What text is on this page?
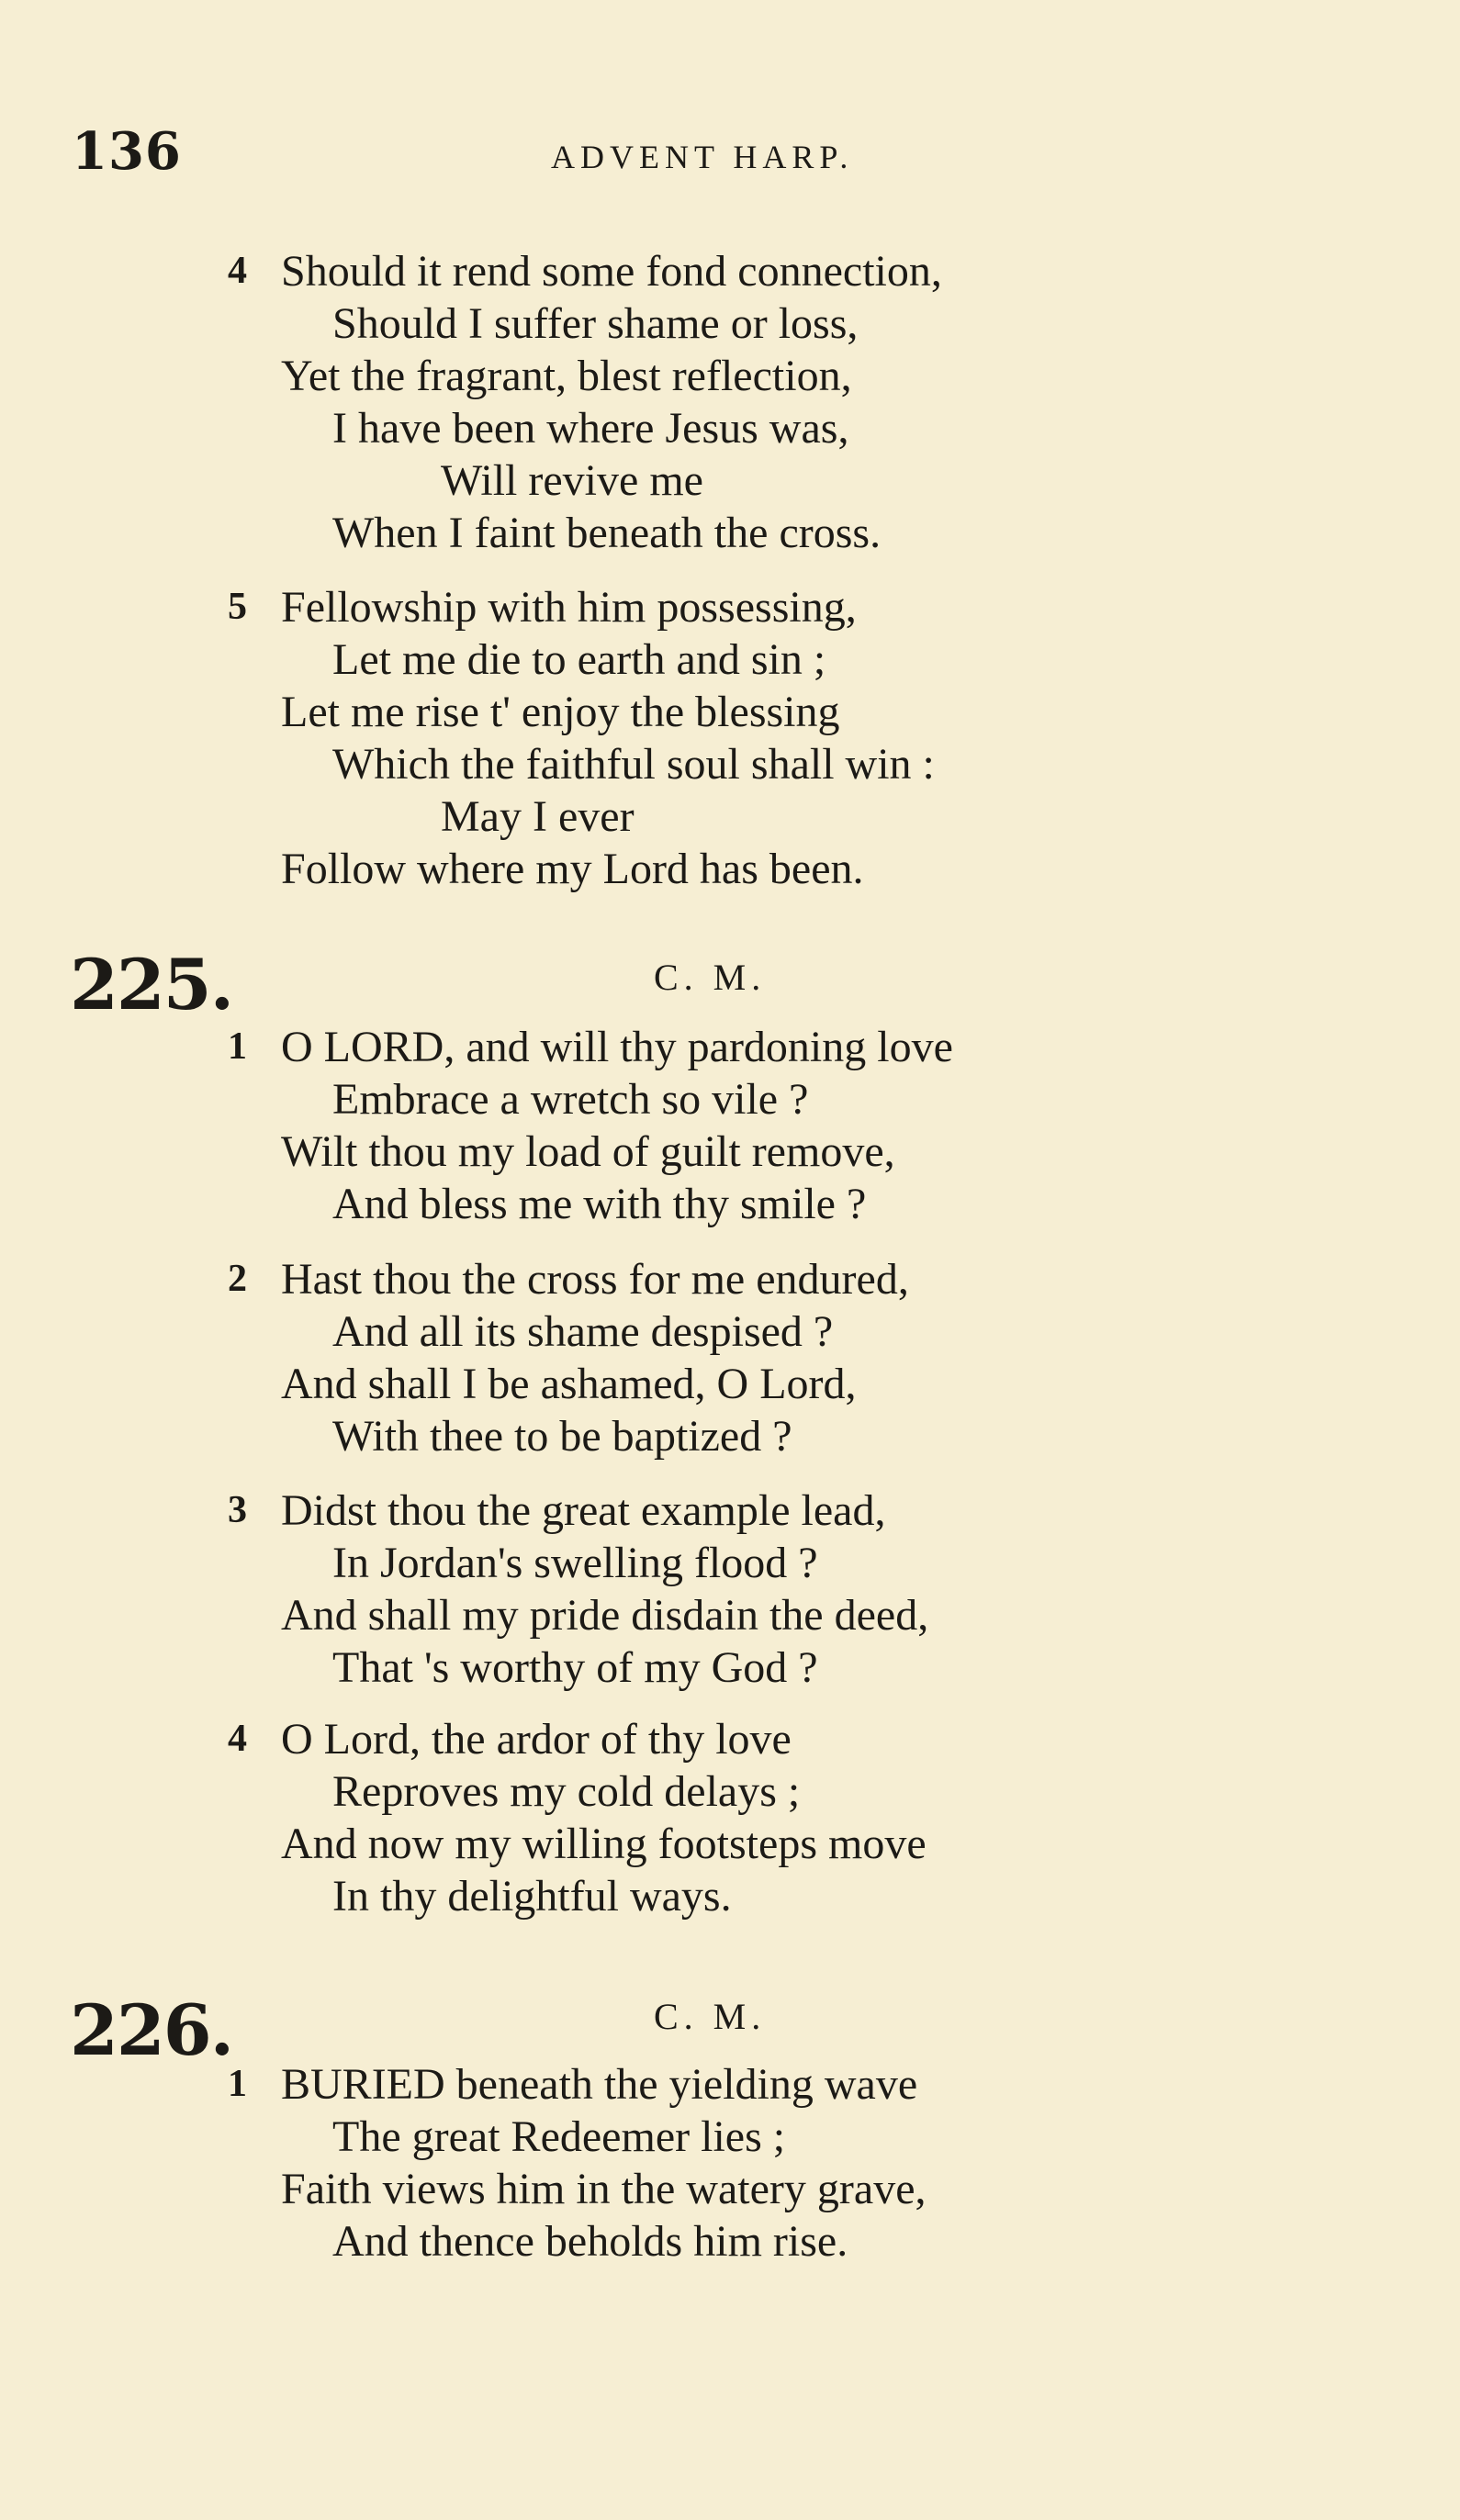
136	ADVENT HARP.

4 Should it rend some fond connection,
Should I suffer shame or loss,
Yet the fragrant, blest reflection,
I have been where Jesus was,
Will revive me
When I faint beneath the cross.
5 Fellowship with him possessing,
Let me die to earth and sin ;
Let me rise t' enjoy the blessing
Which the faithful soul shall win :
May I ever
Follow where my Lord has been.

225.	C. M.

1 O LORD, and will thy pardoning love
Embrace a wretch so vile ?
Wilt thou my load of guilt remove,
And bless me with thy smile ?
2 Hast thou the cross for me endured,
And all its shame despised ?
And shall I be ashamed, O Lord,
With thee to be baptized ?
3 Didst thou the great example lead,
In Jordan's swelling flood ?
And shall my pride disdain the deed,
That 's worthy of my God ?
4 O Lord, the ardor of thy love
Reproves my cold delays ;
And now my willing footsteps move
In thy delightful ways.

226.	C. M.

1 BURIED beneath the yielding wave
The great Redeemer lies ;
Faith views him in the watery grave,
And thence beholds him rise.
